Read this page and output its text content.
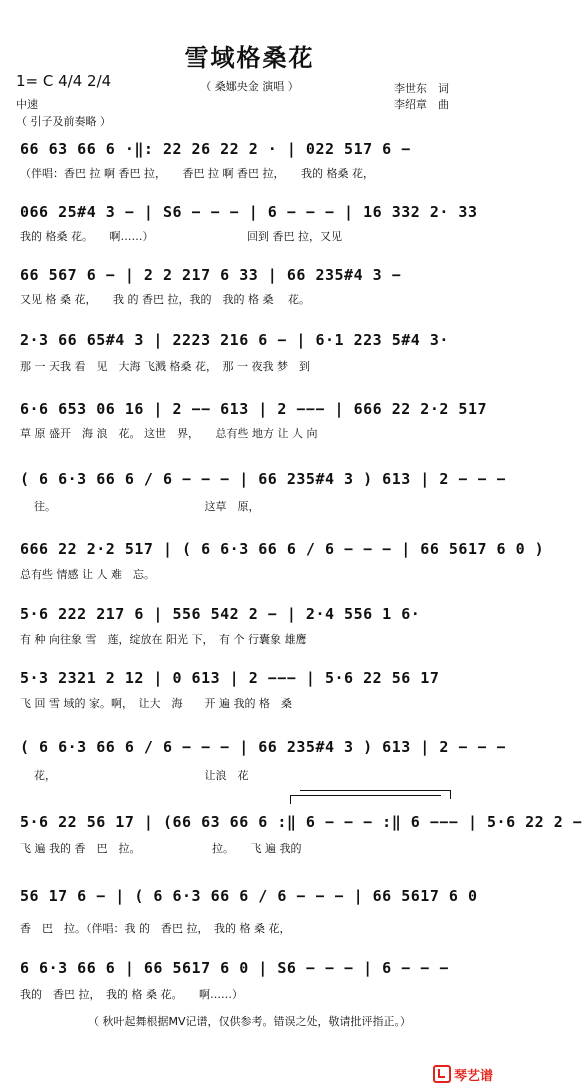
雪域格桑花
（ 桑娜央金 演唱 ）
1= C 4/4 2/4
中速
（ 引子及前奏略 ）
李世东　词
李绍章　曲
66 63 66 6 ·‖: 22 26 22 2 · | 022 517 6 −
（伴唱：香巴 拉 啊 香巴 拉，　　香巴 拉 啊 香巴 拉，　　我的 格桑 花，
066 25#4 3 − | S6 − − − | 6 − − − | 16 332 2· 33
我的 格桑 花。　　啊……）　　　　　　　　　回到 香巴 拉，又见
66 567 6 − | 2 2 217 6 33 | 66 235#4 3 −
又见 格 桑 花，　　我 的 香巴 拉，我的　我的 格 桑 　花。
2·3 66 65#4 3 | 2223 216 6 − | 6·1 223 5#4 3·
那 一 天我 看　见　大海 飞溅 格桑 花，　那 一 夜我 梦　到
6·6 653 06 16 | 2 −− 613 | 2 −−− | 666 22 2·2 517
草 原 盛开　海 浪　花。 这世　界，　　总有些 地方 让 人 向
( 6 6·3 66 6 / 6 − − − | 66 235#4 3 ) 613 | 2 − − −
往。　　　　　　　　　　　　　　这草　原，
666 22 2·2 517 | ( 6 6·3 66 6 / 6 − − − | 66 5617 6 0 )
总有些 情感 让 人 难　忘。
5·6 222 217 6 | 556 542 2 − | 2·4 556 1 6·
有 种 向往象 雪　莲，绽放在 阳光 下，　有 个 行囊象 雄鹰
5·3 2321 2 12 | 0 613 | 2 −−− | 5·6 22 56 17
飞 回 雪 域的 家。啊，　让大　海　　开 遍 我的 格　桑
( 6 6·3 66 6 / 6 − − − | 66 235#4 3 ) 613 | 2 − − −
花，　　　　　　　　　　　　　　让浪　花
5·6 22 56 17 | (66 63 66 6 :‖ 6 − − − :‖ 6 −−− | 5·6 22 2 −
飞 遍 我的 香　巴　拉。　　　　　　　拉。　　飞 遍 我的
56 17 6 − | ( 6 6·3 66 6 / 6 − − − | 66 5617 6 0
香　巴　拉。（伴唱：我 的　香巴 拉，　我的 格 桑 花，
6 6·3 66 6 | 66 5617 6 0 | S6 − − − | 6 − − −
我的　香巴 拉，　我的 格 桑 花。　　啊……）
（ 秋叶起舞根据MV记谱，仅供参考。错误之处，敬请批评指正。）
琴艺谱
